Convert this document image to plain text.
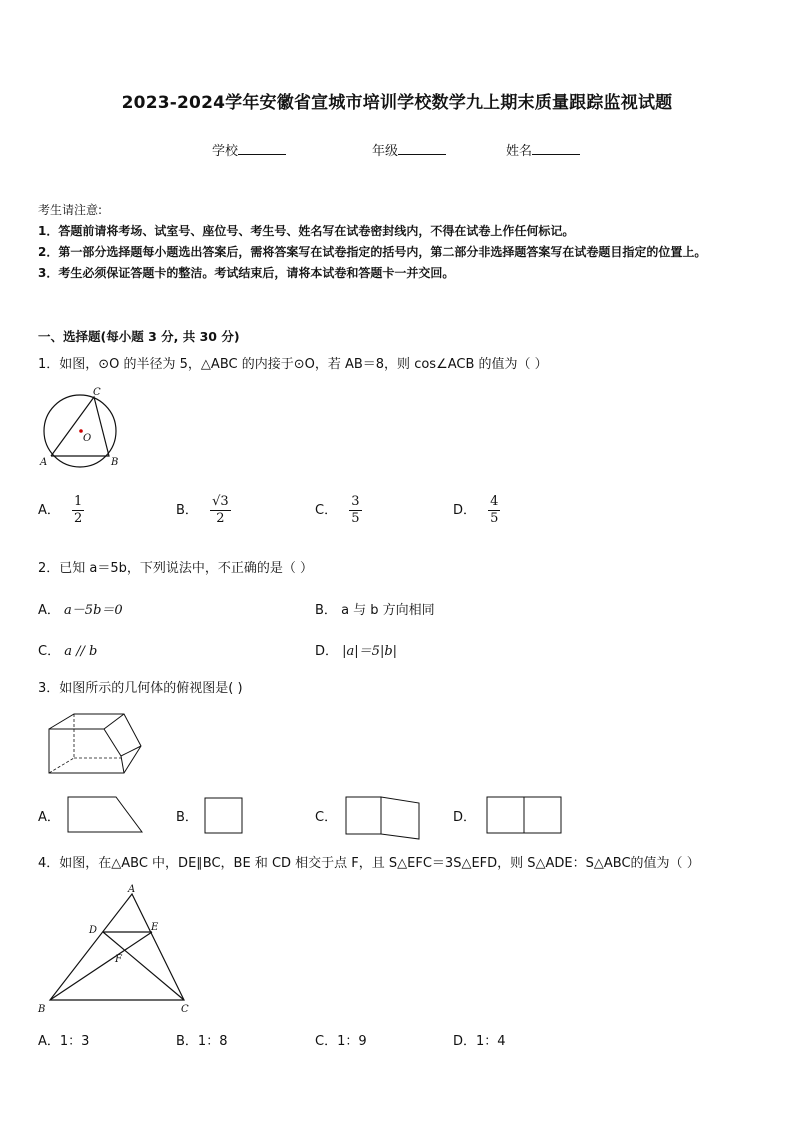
2023-2024学年安徽省宣城市培训学校数学九上期末质量跟踪监视试题
学校	年级	姓名
考生请注意:
1．答题前请将考场、试室号、座位号、考生号、姓名写在试卷密封线内，不得在试卷上作任何标记。
2．第一部分选择题每小题选出答案后，需将答案写在试卷指定的括号内，第二部分非选择题答案写在试卷题目指定的位置上。
3．考生必须保证答题卡的整洁。考试结束后，请将本试卷和答题卡一并交回。
一、选择题(每小题 3 分, 共 30 分)
1．如图，⊙O 的半径为 5，△ABC 的内接于⊙O，若 AB＝8，则 cos∠ACB 的值为（ ）
C
O
A	B
A． $\frac{1}{2}$	B． $\frac{√3}{2}$	C． $\frac{3}{5}$	D． $\frac{4}{5}$
2．已知 a＝5b，下列说法中，不正确的是（ ）
A． a－5b＝0	B． a 与 b 方向相同
C． a // b	D． |a|＝5|b|
3．如图所示的几何体的俯视图是( )
A．	B．	C．	D．
4．如图，在△ABC 中，DE∥BC，BE 和 CD 相交于点 F，且 S△EFC＝3S△EFD，则 S△ADE：S△ABC的值为（ ）
A
D	E
F
B	C
A．1：3	B．1：8	C．1：9	D．1：4
